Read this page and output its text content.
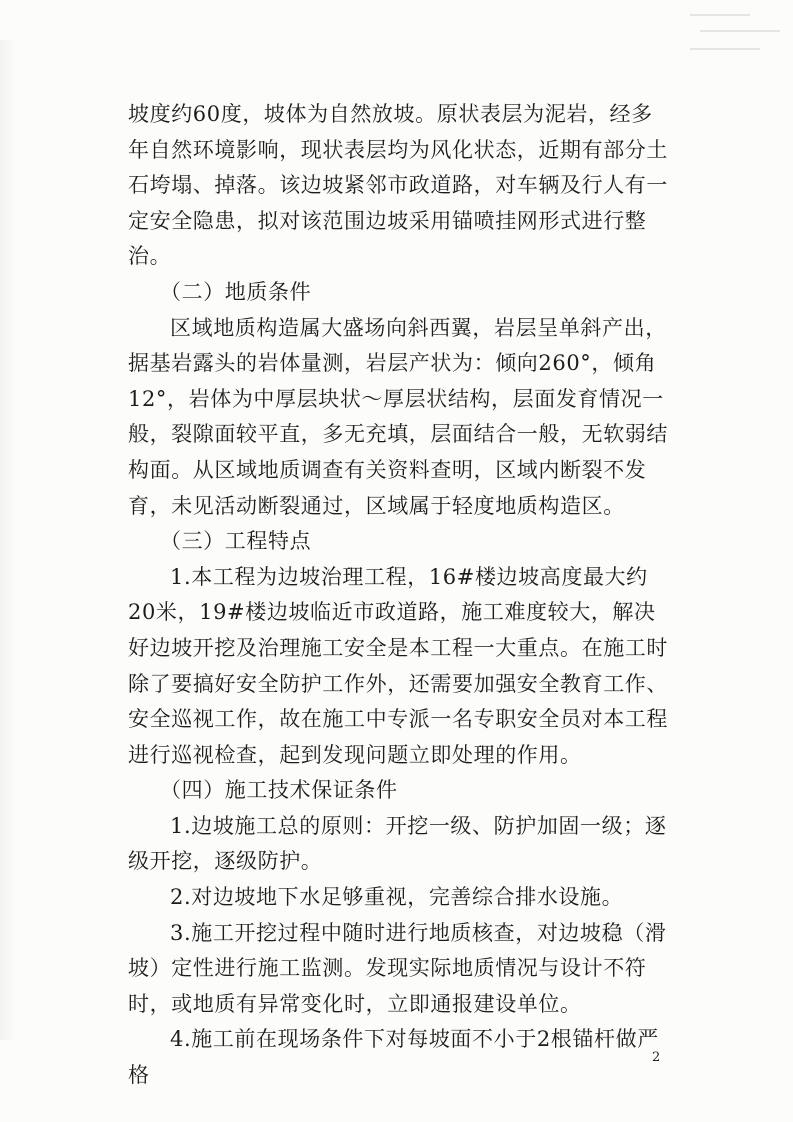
坡度约60度，坡体为自然放坡。原状表层为泥岩，经多年自然环境影响，现状表层均为风化状态，近期有部分土石垮塌、掉落。该边坡紧邻市政道路，对车辆及行人有一定安全隐患，拟对该范围边坡采用锚喷挂网形式进行整治。

（二）地质条件

区域地质构造属大盛场向斜西翼，岩层呈单斜产出，据基岩露头的岩体量测，岩层产状为：倾向260°，倾角12°，岩体为中厚层块状～厚层状结构，层面发育情况一般，裂隙面较平直，多无充填，层面结合一般，无软弱结构面。从区域地质调查有关资料查明，区域内断裂不发育，未见活动断裂通过，区域属于轻度地质构造区。

（三）工程特点

1.本工程为边坡治理工程，16#楼边坡高度最大约20米，19#楼边坡临近市政道路，施工难度较大，解决好边坡开挖及治理施工安全是本工程一大重点。在施工时除了要搞好安全防护工作外，还需要加强安全教育工作、安全巡视工作，故在施工中专派一名专职安全员对本工程进行巡视检查，起到发现问题立即处理的作用。

（四）施工技术保证条件

1.边坡施工总的原则：开挖一级、防护加固一级；逐级开挖，逐级防护。

2.对边坡地下水足够重视，完善综合排水设施。

3.施工开挖过程中随时进行地质核查，对边坡稳（滑坡）定性进行施工监测。发现实际地质情况与设计不符时，或地质有异常变化时，立即通报建设单位。

4.施工前在现场条件下对每坡面不小于2根锚杆做严格

2
